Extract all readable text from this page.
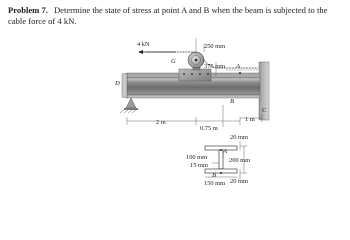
Problem 7. Determine the state of stress at point A and B when the beam is subjected to the cable force of 4 kN.
4 kN
D
G
A
B
C
250 mm
375 mm
2 m
0.75 m
1 m
20 mm
100 mm	200 mm
15 mm
20 mm
150 mm
A
B
